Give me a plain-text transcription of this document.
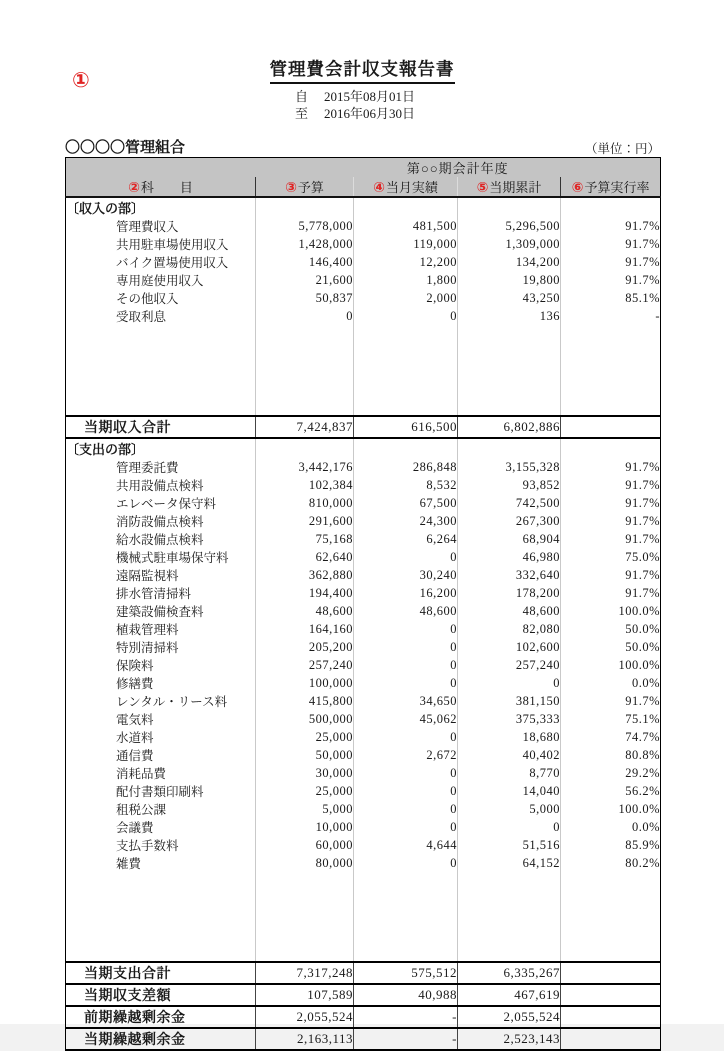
①	管理費会計収支報告書
自 2015年08月01日
至 2016年06月30日
〇〇〇〇管理組合	（単位：円）
	第○○期会計年度			
②科　　目	③予算	④当月実績	⑤当期累計	⑥予算実行率
〔収入の部〕				
管理費収入	5,778,000	481,500	5,296,500	91.7%
共用駐車場使用収入	1,428,000	119,000	1,309,000	91.7%
バイク置場使用収入	146,400	12,200	134,200	91.7%
専用庭使用収入	21,600	1,800	19,800	91.7%
その他収入	50,837	2,000	43,250	85.1%
受取利息	0	0	136	-

当期収入合計	7,424,837	616,500	6,802,886	
〔支出の部〕				
管理委託費	3,442,176	286,848	3,155,328	91.7%
共用設備点検料	102,384	8,532	93,852	91.7%
エレベータ保守料	810,000	67,500	742,500	91.7%
消防設備点検料	291,600	24,300	267,300	91.7%
給水設備点検料	75,168	6,264	68,904	91.7%
機械式駐車場保守料	62,640	0	46,980	75.0%
遠隔監視料	362,880	30,240	332,640	91.7%
排水管清掃料	194,400	16,200	178,200	91.7%
建築設備検査料	48,600	48,600	48,600	100.0%
植栽管理料	164,160	0	82,080	50.0%
特別清掃料	205,200	0	102,600	50.0%
保険料	257,240	0	257,240	100.0%
修繕費	100,000	0	0	0.0%
レンタル・リース料	415,800	34,650	381,150	91.7%
電気料	500,000	45,062	375,333	75.1%
水道料	25,000	0	18,680	74.7%
通信費	50,000	2,672	40,402	80.8%
消耗品費	30,000	0	8,770	29.2%
配付書類印刷料	25,000	0	14,040	56.2%
租税公課	5,000	0	5,000	100.0%
会議費	10,000	0	0	0.0%
支払手数料	60,000	4,644	51,516	85.9%
雑費	80,000	0	64,152	80.2%

当期支出合計	7,317,248	575,512	6,335,267	
当期収支差額	107,589	40,988	467,619	
前期繰越剰余金	2,055,524	-	2,055,524	
当期繰越剰余金	2,163,113	-	2,523,143	
